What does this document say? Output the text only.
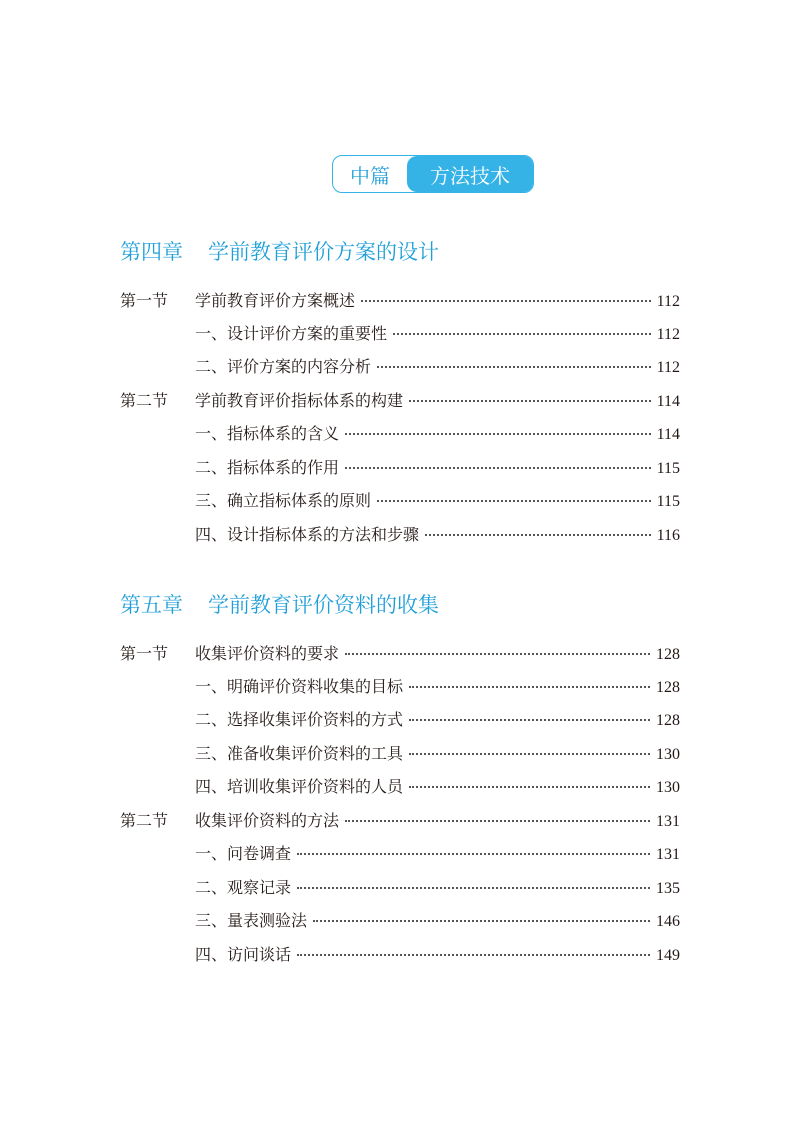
中篇	方法技术
第四章	学前教育评价方案的设计
第一节 学前教育评价方案概述	112
一、设计评价方案的重要性	112
二、评价方案的内容分析	112
第二节 学前教育评价指标体系的构建	114
一、指标体系的含义	114
二、指标体系的作用	115
三、确立指标体系的原则	115
四、设计指标体系的方法和步骤	116
第五章	学前教育评价资料的收集
第一节 收集评价资料的要求	128
一、明确评价资料收集的目标	128
二、选择收集评价资料的方式	128
三、准备收集评价资料的工具	130
四、培训收集评价资料的人员	130
第二节 收集评价资料的方法	131
一、问卷调查	131
二、观察记录	135
三、量表测验法	146
四、访问谈话	149
